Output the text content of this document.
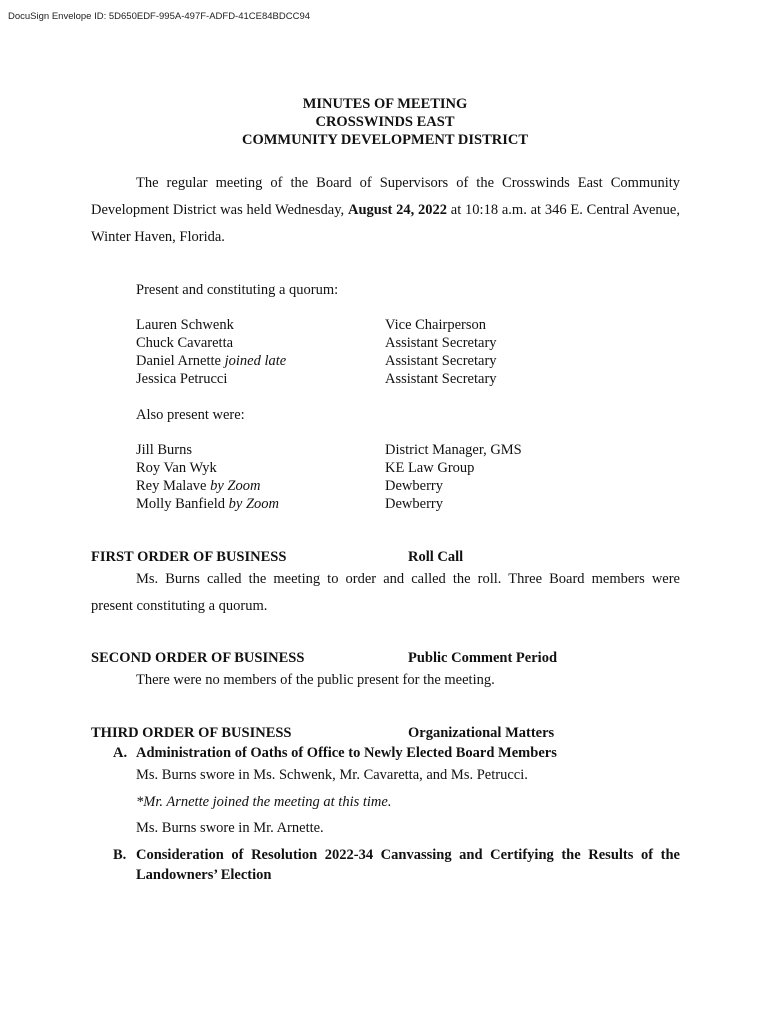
DocuSign Envelope ID: 5D650EDF-995A-497F-ADFD-41CE84BDCC94
MINUTES OF MEETING
CROSSWINDS EAST
COMMUNITY DEVELOPMENT DISTRICT
The regular meeting of the Board of Supervisors of the Crosswinds East Community Development District was held Wednesday, August 24, 2022 at 10:18 a.m. at 346 E. Central Avenue, Winter Haven, Florida.
Present and constituting a quorum:
Lauren Schwenk	Vice Chairperson
Chuck Cavaretta	Assistant Secretary
Daniel Arnette joined late	Assistant Secretary
Jessica Petrucci	Assistant Secretary
Also present were:
Jill Burns	District Manager, GMS
Roy Van Wyk	KE Law Group
Rey Malave by Zoom	Dewberry
Molly Banfield by Zoom	Dewberry
FIRST ORDER OF BUSINESS	Roll Call
Ms. Burns called the meeting to order and called the roll. Three Board members were
present constituting a quorum.
SECOND ORDER OF BUSINESS	Public Comment Period
There were no members of the public present for the meeting.
THIRD ORDER OF BUSINESS	Organizational Matters
A. Administration of Oaths of Office to Newly Elected Board Members
Ms. Burns swore in Ms. Schwenk, Mr. Cavaretta, and Ms. Petrucci.
*Mr. Arnette joined the meeting at this time.
Ms. Burns swore in Mr. Arnette.
B. Consideration of Resolution 2022-34 Canvassing and Certifying the Results of the
Landowners’ Election
